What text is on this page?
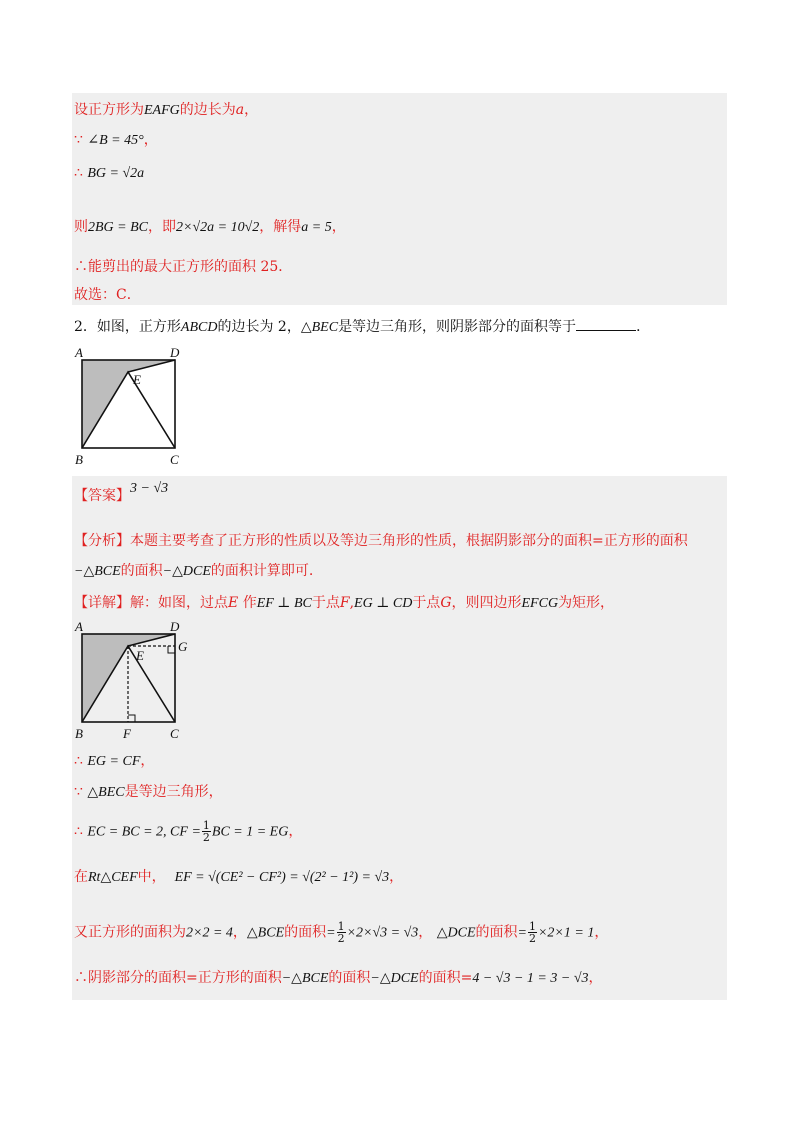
设正方形为EAFG的边长为a，
∵ ∠B = 45°，
∴ BG = √2a
则2BG = BC，即2×√2a = 10√2，解得a = 5，
∴能剪出的最大正方形的面积 25．
故选：C．
2．如图，正方形ABCD的边长为 2，△BEC是等边三角形，则阴影部分的面积等于	．
A	D
E
B	C
【答案】3 − √3
【分析】本题主要考查了正方形的性质以及等边三角形的性质，根据阴影部分的面积=正方形的面积
−△BCE的面积−△DCE的面积计算即可.
【详解】解：如图，过点E 作EF ⊥ BC于点F,EG ⊥ CD于点G，则四边形EFCG为矩形，
A	D
E
G
B	F	C
∴ EG = CF，
∵ △BEC是等边三角形，
∴ EC = BC = 2, CF = $\frac{1}{2}$ BC = 1 = EG，
在Rt△CEF中， EF = √(CE² − CF²) = √(2² − 1²) = √3，
又正方形的面积为2×2 = 4，△BCE的面积= $\frac{1}{2} \times 2\times√3 = √3$， △DCE的面积= $\frac{1}{2} \times 2\times 1 = 1$，
∴阴影部分的面积=正方形的面积−△BCE的面积−△DCE的面积=4 − √3 − 1 = 3 − √3，
